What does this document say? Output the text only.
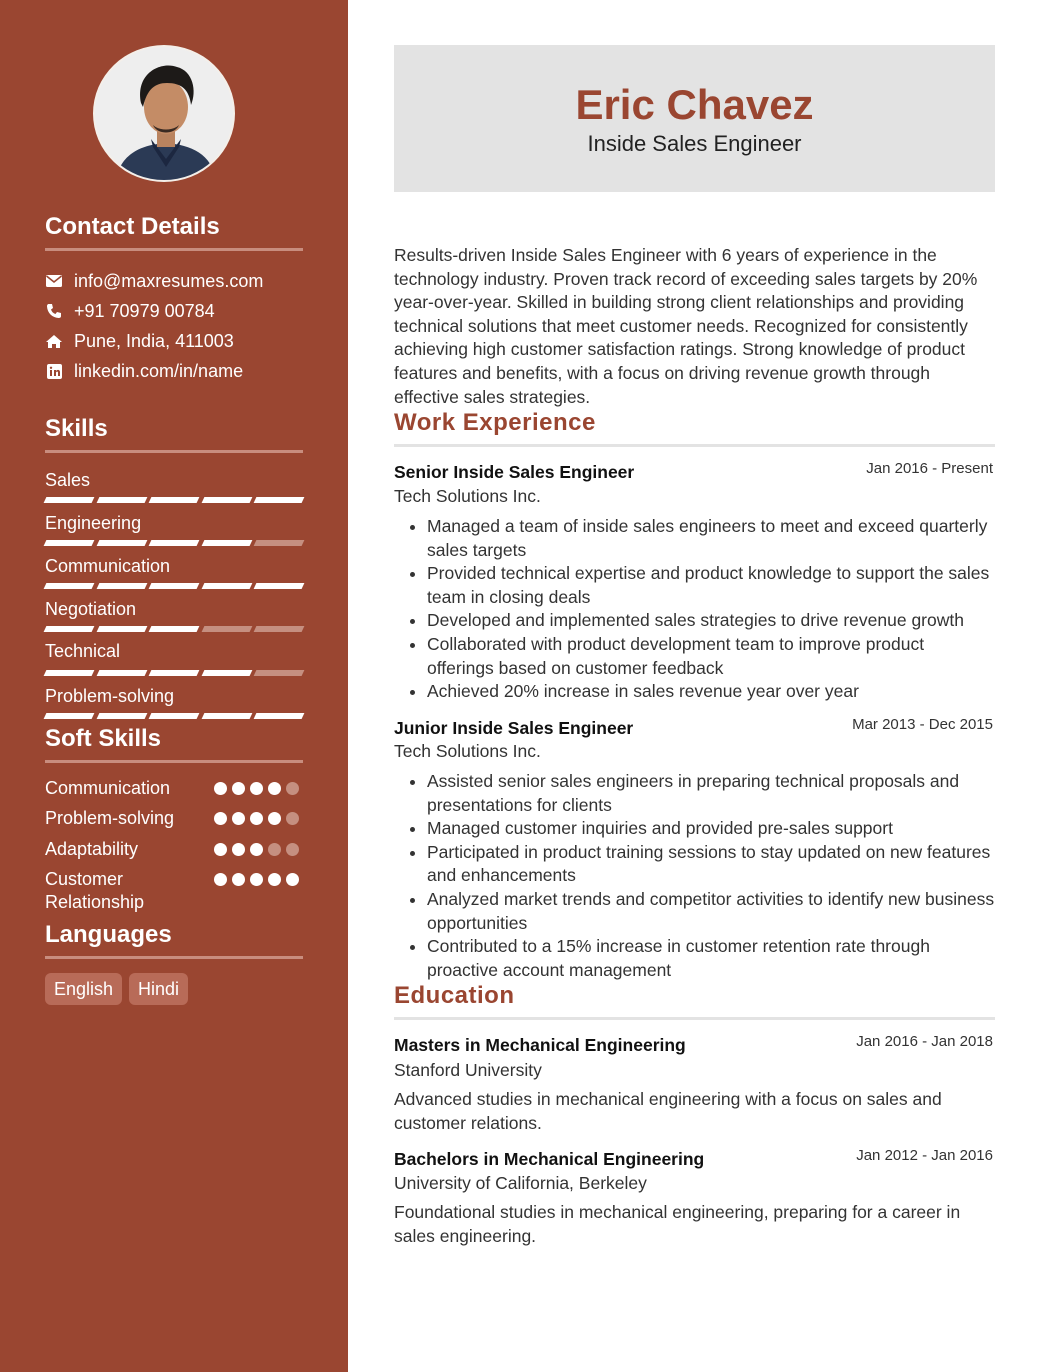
Contact Details
info@maxresumes.com
+91 70979 00784
Pune, India, 411003
linkedin.com/in/name
Skills
Sales
Engineering
Communication
Negotiation
Technical
Problem-solving
Soft Skills
Communication
Problem-solving
Adaptability
Customer Relationship
Languages
English	Hindi
Eric Chavez
Inside Sales Engineer
Results-driven Inside Sales Engineer with 6 years of experience in the technology industry. Proven track record of exceeding sales targets by 20% year-over-year. Skilled in building strong client relationships and providing technical solutions that meet customer needs. Recognized for consistently achieving high customer satisfaction ratings. Strong knowledge of product features and benefits, with a focus on driving revenue growth through effective sales strategies.
Work Experience
Senior Inside Sales Engineer	Jan 2016 - Present
Tech Solutions Inc.
• Managed a team of inside sales engineers to meet and exceed quarterly sales targets
• Provided technical expertise and product knowledge to support the sales team in closing deals
• Developed and implemented sales strategies to drive revenue growth
• Collaborated with product development team to improve product offerings based on customer feedback
• Achieved 20% increase in sales revenue year over year
Junior Inside Sales Engineer	Mar 2013 - Dec 2015
Tech Solutions Inc.
• Assisted senior sales engineers in preparing technical proposals and presentations for clients
• Managed customer inquiries and provided pre-sales support
• Participated in product training sessions to stay updated on new features and enhancements
• Analyzed market trends and competitor activities to identify new business opportunities
• Contributed to a 15% increase in customer retention rate through proactive account management
Education
Masters in Mechanical Engineering	Jan 2016 - Jan 2018
Stanford University
Advanced studies in mechanical engineering with a focus on sales and customer relations.
Bachelors in Mechanical Engineering	Jan 2012 - Jan 2016
University of California, Berkeley
Foundational studies in mechanical engineering, preparing for a career in sales engineering.
